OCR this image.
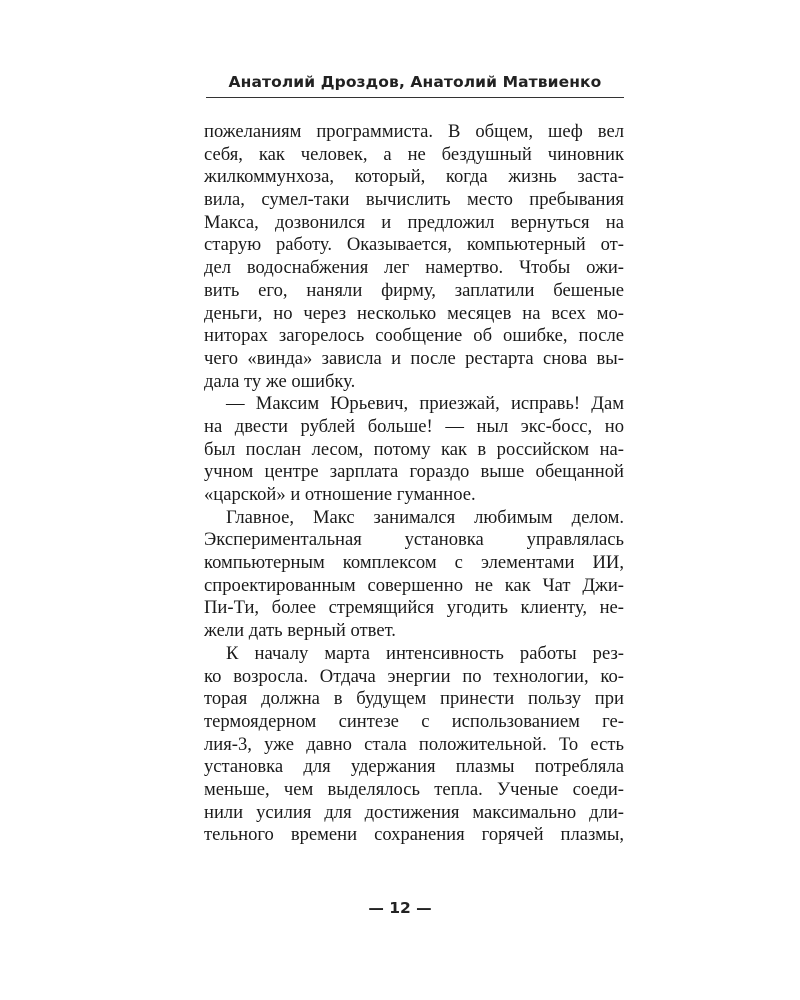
Анатолий Дроздов, Анатолий Матвиенко
пожеланиям программиста. В общем, шеф вел
себя, как человек, а не бездушный чиновник
жилкоммунхоза, который, когда жизнь заста-
вила, сумел-таки вычислить место пребывания
Макса, дозвонился и предложил вернуться на
старую работу. Оказывается, компьютерный от-
дел водоснабжения лег намертво. Чтобы ожи-
вить его, наняли фирму, заплатили бешеные
деньги, но через несколько месяцев на всех мо-
ниторах загорелось сообщение об ошибке, после
чего «винда» зависла и после рестарта снова вы-
дала ту же ошибку.
— Максим Юрьевич, приезжай, исправь! Дам
на двести рублей больше! — ныл экс-босс, но
был послан лесом, потому как в российском на-
учном центре зарплата гораздо выше обещанной
«царской» и отношение гуманное.
Главное, Макс занимался любимым делом.
Экспериментальная установка управлялась
компьютерным комплексом с элементами ИИ,
спроектированным совершенно не как Чат Джи-
Пи-Ти, более стремящийся угодить клиенту, не-
жели дать верный ответ.
К началу марта интенсивность работы рез-
ко возросла. Отдача энергии по технологии, ко-
торая должна в будущем принести пользу при
термоядерном синтезе с использованием ге-
лия-3, уже давно стала положительной. То есть
установка для удержания плазмы потребляла
меньше, чем выделялось тепла. Ученые соеди-
нили усилия для достижения максимально дли-
тельного времени сохранения горячей плазмы,
— 12 —
